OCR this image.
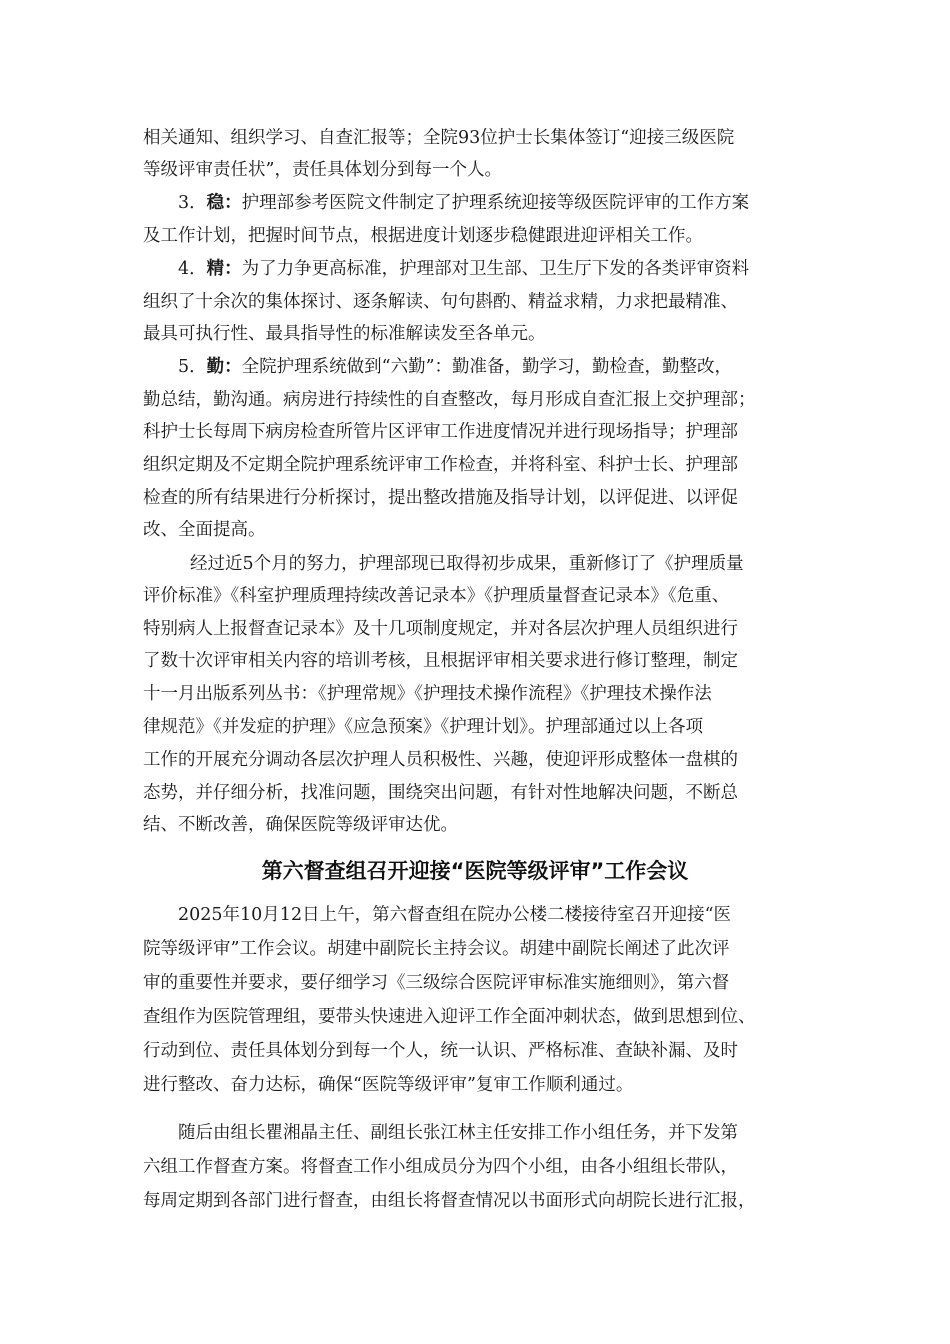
相关通知、组织学习、自查汇报等；全院93位护士长集体签订“迎接三级医院
等级评审责任状”，责任具体划分到每一个人。
3．稳：护理部参考医院文件制定了护理系统迎接等级医院评审的工作方案
及工作计划，把握时间节点，根据进度计划逐步稳健跟进迎评相关工作。
4．精：为了力争更高标准，护理部对卫生部、卫生厅下发的各类评审资料
组织了十余次的集体探讨、逐条解读、句句斟酌、精益求精，力求把最精准、
最具可执行性、最具指导性的标准解读发至各单元。
5．勤：全院护理系统做到“六勤”：勤准备，勤学习，勤检查，勤整改，
勤总结，勤沟通。病房进行持续性的自查整改，每月形成自查汇报上交护理部；
科护士长每周下病房检查所管片区评审工作进度情况并进行现场指导；护理部
组织定期及不定期全院护理系统评审工作检查，并将科室、科护士长、护理部
检查的所有结果进行分析探讨，提出整改措施及指导计划，以评促进、以评促
改、全面提高。
经过近5个月的努力，护理部现已取得初步成果，重新修订了《护理质量
评价标准》《科室护理质理持续改善记录本》《护理质量督查记录本》《危重、
特别病人上报督查记录本》及十几项制度规定，并对各层次护理人员组织进行
了数十次评审相关内容的培训考核，且根据评审相关要求进行修订整理，制定
十一月出版系列丛书：《护理常规》《护理技术操作流程》《护理技术操作法
律规范》《并发症的护理》《应急预案》《护理计划》。护理部通过以上各项
工作的开展充分调动各层次护理人员积极性、兴趣，使迎评形成整体一盘棋的
态势，并仔细分析，找准问题，围绕突出问题，有针对性地解决问题，不断总
结、不断改善，确保医院等级评审达优。
第六督查组召开迎接“医院等级评审”工作会议
2025年10月12日上午，第六督查组在院办公楼二楼接待室召开迎接“医
院等级评审”工作会议。胡建中副院长主持会议。胡建中副院长阐述了此次评
审的重要性并要求，要仔细学习《三级综合医院评审标准实施细则》，第六督
查组作为医院管理组，要带头快速进入迎评工作全面冲刺状态，做到思想到位、
行动到位、责任具体划分到每一个人，统一认识、严格标准、查缺补漏、及时
进行整改、奋力达标，确保“医院等级评审”复审工作顺利通过。
随后由组长瞿湘晶主任、副组长张江林主任安排工作小组任务，并下发第
六组工作督查方案。将督查工作小组成员分为四个小组，由各小组组长带队，
每周定期到各部门进行督查，由组长将督查情况以书面形式向胡院长进行汇报，
